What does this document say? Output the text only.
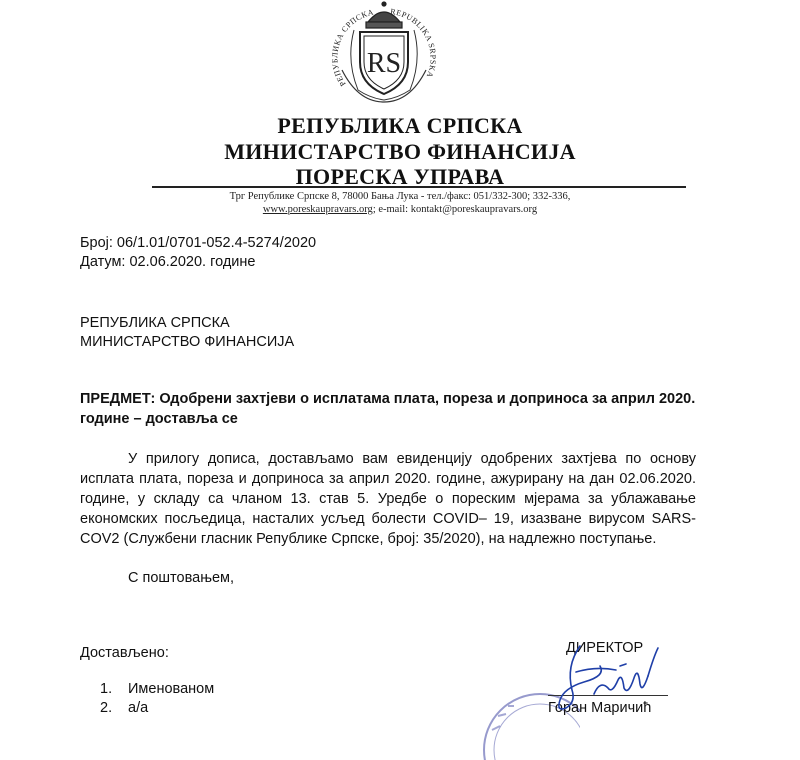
РЕПУБЛИКА СРПСКА REPUBLIKA SRPSKA
RS
РЕПУБЛИКА СРПСКА
МИНИСТАРСТВО ФИНАНСИЈА
ПОРЕСКА УПРАВА
Трг Републике Српске 8, 78000 Бања Лука - тел./факс: 051/332-300; 332-336,
www.poreskaupravars.org; e-mail: kontakt@poreskaupravars.org
Број: 06/1.01/0701-052.4-5274/2020
Датум: 02.06.2020. године
РЕПУБЛИКА СРПСКА
МИНИСТАРСТВО ФИНАНСИЈА
ПРЕДМЕТ: Одобрени захтјеви о исплатама плата, пореза и доприноса за април 2020. године – доставља се
У прилогу дописа, достављамо вам евиденцију одобрених захтјева по основу исплата плата, пореза и доприноса за април 2020. године, ажурирану на дан 02.06.2020. године, у складу са чланом 13. став 5. Уредбе о пореским мјерама за ублажавање економских посљедица, насталих усљед болести COVID– 19, изазване вирусом SARS-COV2 (Службени гласник Републике Српске, број: 35/2020), на надлежно поступање.
С поштовањем,
Достављено:
1. Именованом
2. а/а
ДИРЕКТОР
Горан Маричић
